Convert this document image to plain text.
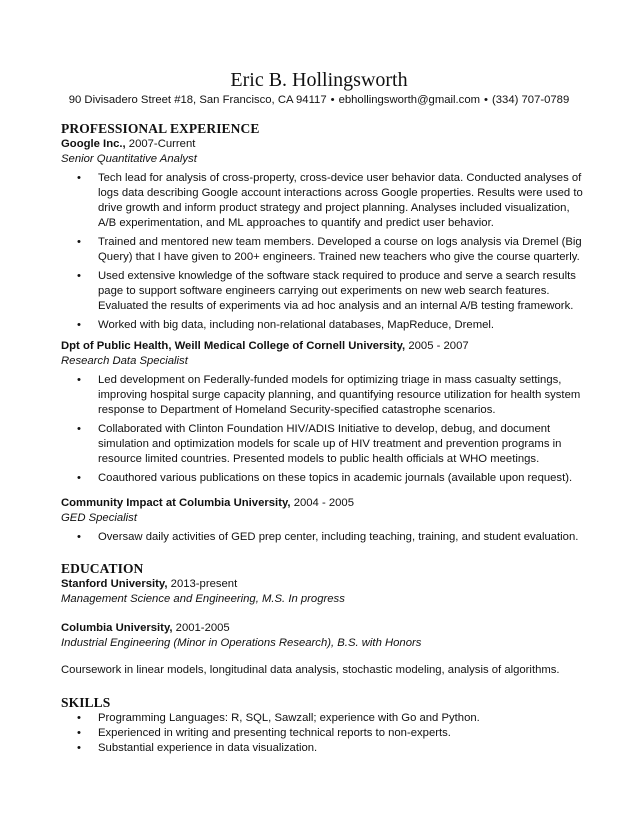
Eric B. Hollingsworth
90 Divisadero Street #18, San Francisco, CA 94117 • ebhollingsworth@gmail.com • (334) 707-0789
PROFESSIONAL EXPERIENCE
Google Inc., 2007-Current
Senior Quantitative Analyst
• Tech lead for analysis of cross-property, cross-device user behavior data. Conducted analyses of logs data describing Google account interactions across Google properties. Results were used to drive growth and inform product strategy and project planning. Analyses included visualization, A/B experimentation, and ML approaches to quantify and predict user behavior.
• Trained and mentored new team members. Developed a course on logs analysis via Dremel (Big Query) that I have given to 200+ engineers. Trained new teachers who give the course quarterly.
• Used extensive knowledge of the software stack required to produce and serve a search results page to support software engineers carrying out experiments on new web search features. Evaluated the results of experiments via ad hoc analysis and an internal A/B testing framework.
• Worked with big data, including non-relational databases, MapReduce, Dremel.
Dpt of Public Health, Weill Medical College of Cornell University, 2005 - 2007
Research Data Specialist
• Led development on Federally-funded models for optimizing triage in mass casualty settings, improving hospital surge capacity planning, and quantifying resource utilization for health system response to Department of Homeland Security-specified catastrophe scenarios.
• Collaborated with Clinton Foundation HIV/ADIS Initiative to develop, debug, and document simulation and optimization models for scale up of HIV treatment and prevention programs in resource limited countries. Presented models to public health officials at WHO meetings.
• Coauthored various publications on these topics in academic journals (available upon request).
Community Impact at Columbia University, 2004 - 2005
GED Specialist
• Oversaw daily activities of GED prep center, including teaching, training, and student evaluation.
EDUCATION
Stanford University, 2013-present
Management Science and Engineering, M.S. In progress
Columbia University, 2001-2005
Industrial Engineering (Minor in Operations Research), B.S. with Honors
Coursework in linear models, longitudinal data analysis, stochastic modeling, analysis of algorithms.
SKILLS
• Programming Languages: R, SQL, Sawzall; experience with Go and Python.
• Experienced in writing and presenting technical reports to non-experts.
• Substantial experience in data visualization.
